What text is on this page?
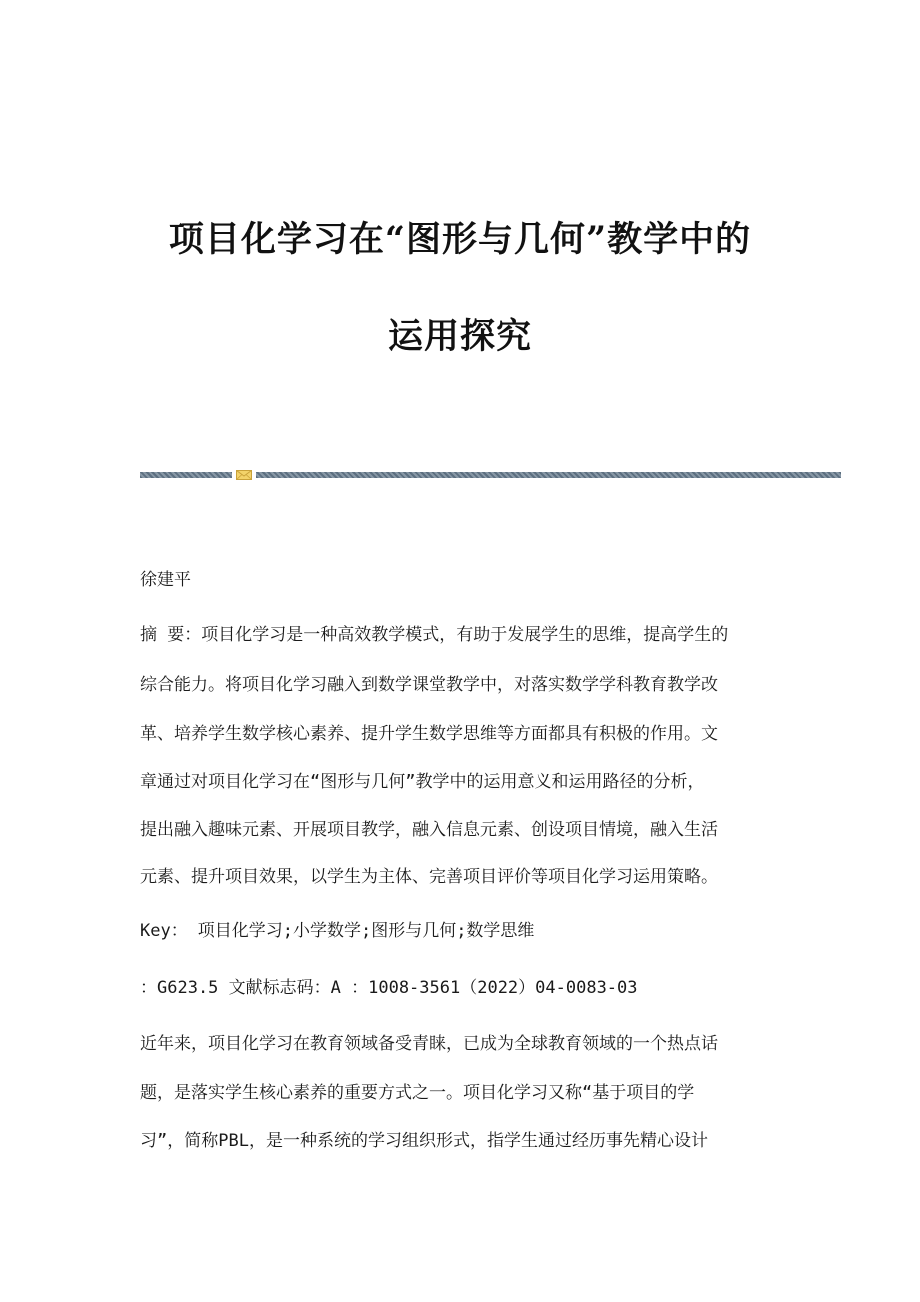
项目化学习在“图形与几何”教学中的
运用探究
徐建平
摘 要：项目化学习是一种高效教学模式，有助于发展学生的思维，提高学生的
综合能力。将项目化学习融入到数学课堂教学中，对落实数学学科教育教学改
革、培养学生数学核心素养、提升学生数学思维等方面都具有积极的作用。文
章通过对项目化学习在“图形与几何”教学中的运用意义和运用路径的分析，
提出融入趣味元素、开展项目教学，融入信息元素、创设项目情境，融入生活
元素、提升项目效果，以学生为主体、完善项目评价等项目化学习运用策略。
Key： 项目化学习;小学数学;图形与几何;数学思维
：G623.5 文献标志码：A ：1008-3561（2022）04-0083-03
近年来，项目化学习在教育领域备受青睐，已成为全球教育领域的一个热点话
题，是落实学生核心素养的重要方式之一。项目化学习又称“基于项目的学
习”，简称PBL，是一种系统的学习组织形式，指学生通过经历事先精心设计
